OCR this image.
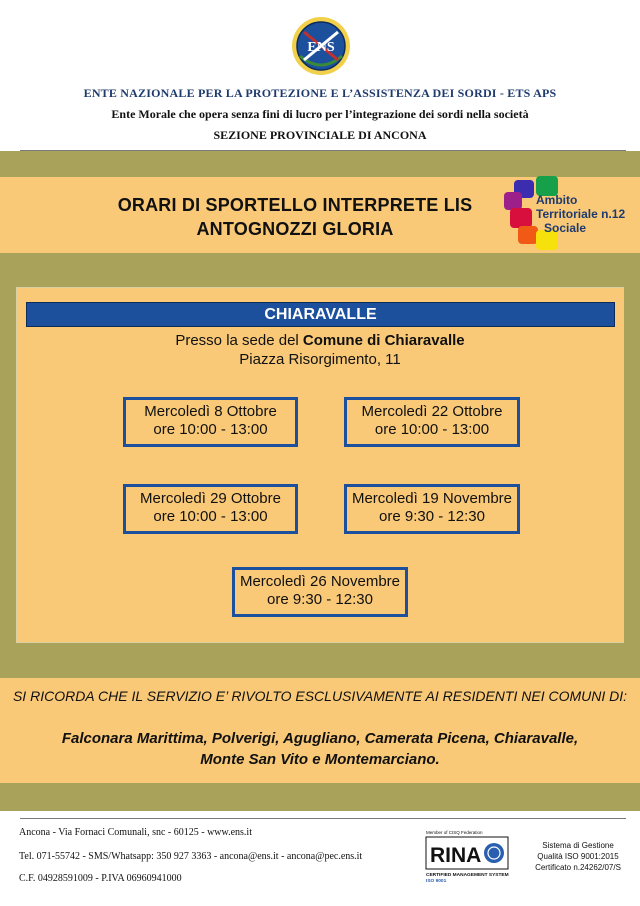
ENS
ENTE NAZIONALE PER LA PROTEZIONE E L’ASSISTENZA DEI SORDI - ETS APS
Ente Morale che opera senza fini di lucro per l’integrazione dei sordi nella società
SEZIONE PROVINCIALE DI ANCONA
ORARI DI SPORTELLO INTERPRETE LIS
ANTOGNOZZI GLORIA
Ambito
Territoriale n.12
Sociale
CHIARAVALLE
Presso la sede del Comune di Chiaravalle
Piazza Risorgimento, 11
Mercoledì 8 Ottobre
ore 10:00 - 13:00
Mercoledì 22 Ottobre
ore 10:00 - 13:00
Mercoledì 29 Ottobre
ore 10:00 - 13:00
Mercoledì 19 Novembre
ore 9:30 - 12:30
Mercoledì 26 Novembre
ore 9:30 - 12:30
SI RICORDA CHE IL SERVIZIO E’ RIVOLTO ESCLUSIVAMENTE AI RESIDENTI NEI COMUNI DI:
Falconara Marittima, Polverigi, Agugliano, Camerata Picena, Chiaravalle,
Monte San Vito e Montemarciano.
Ancona - Via Fornaci Comunali, snc - 60125 - www.ens.it
Tel. 071-55742 - SMS/Whatsapp: 350 927 3363 - ancona@ens.it - ancona@pec.ens.it
C.F. 04928591009 - P.IVA 06960941000
Member of CISQ Federation
RINA
CERTIFIED MANAGEMENT SYSTEM
ISO 9001
Sistema di Gestione
Qualità ISO 9001:2015
Certificato n.24262/07/S
